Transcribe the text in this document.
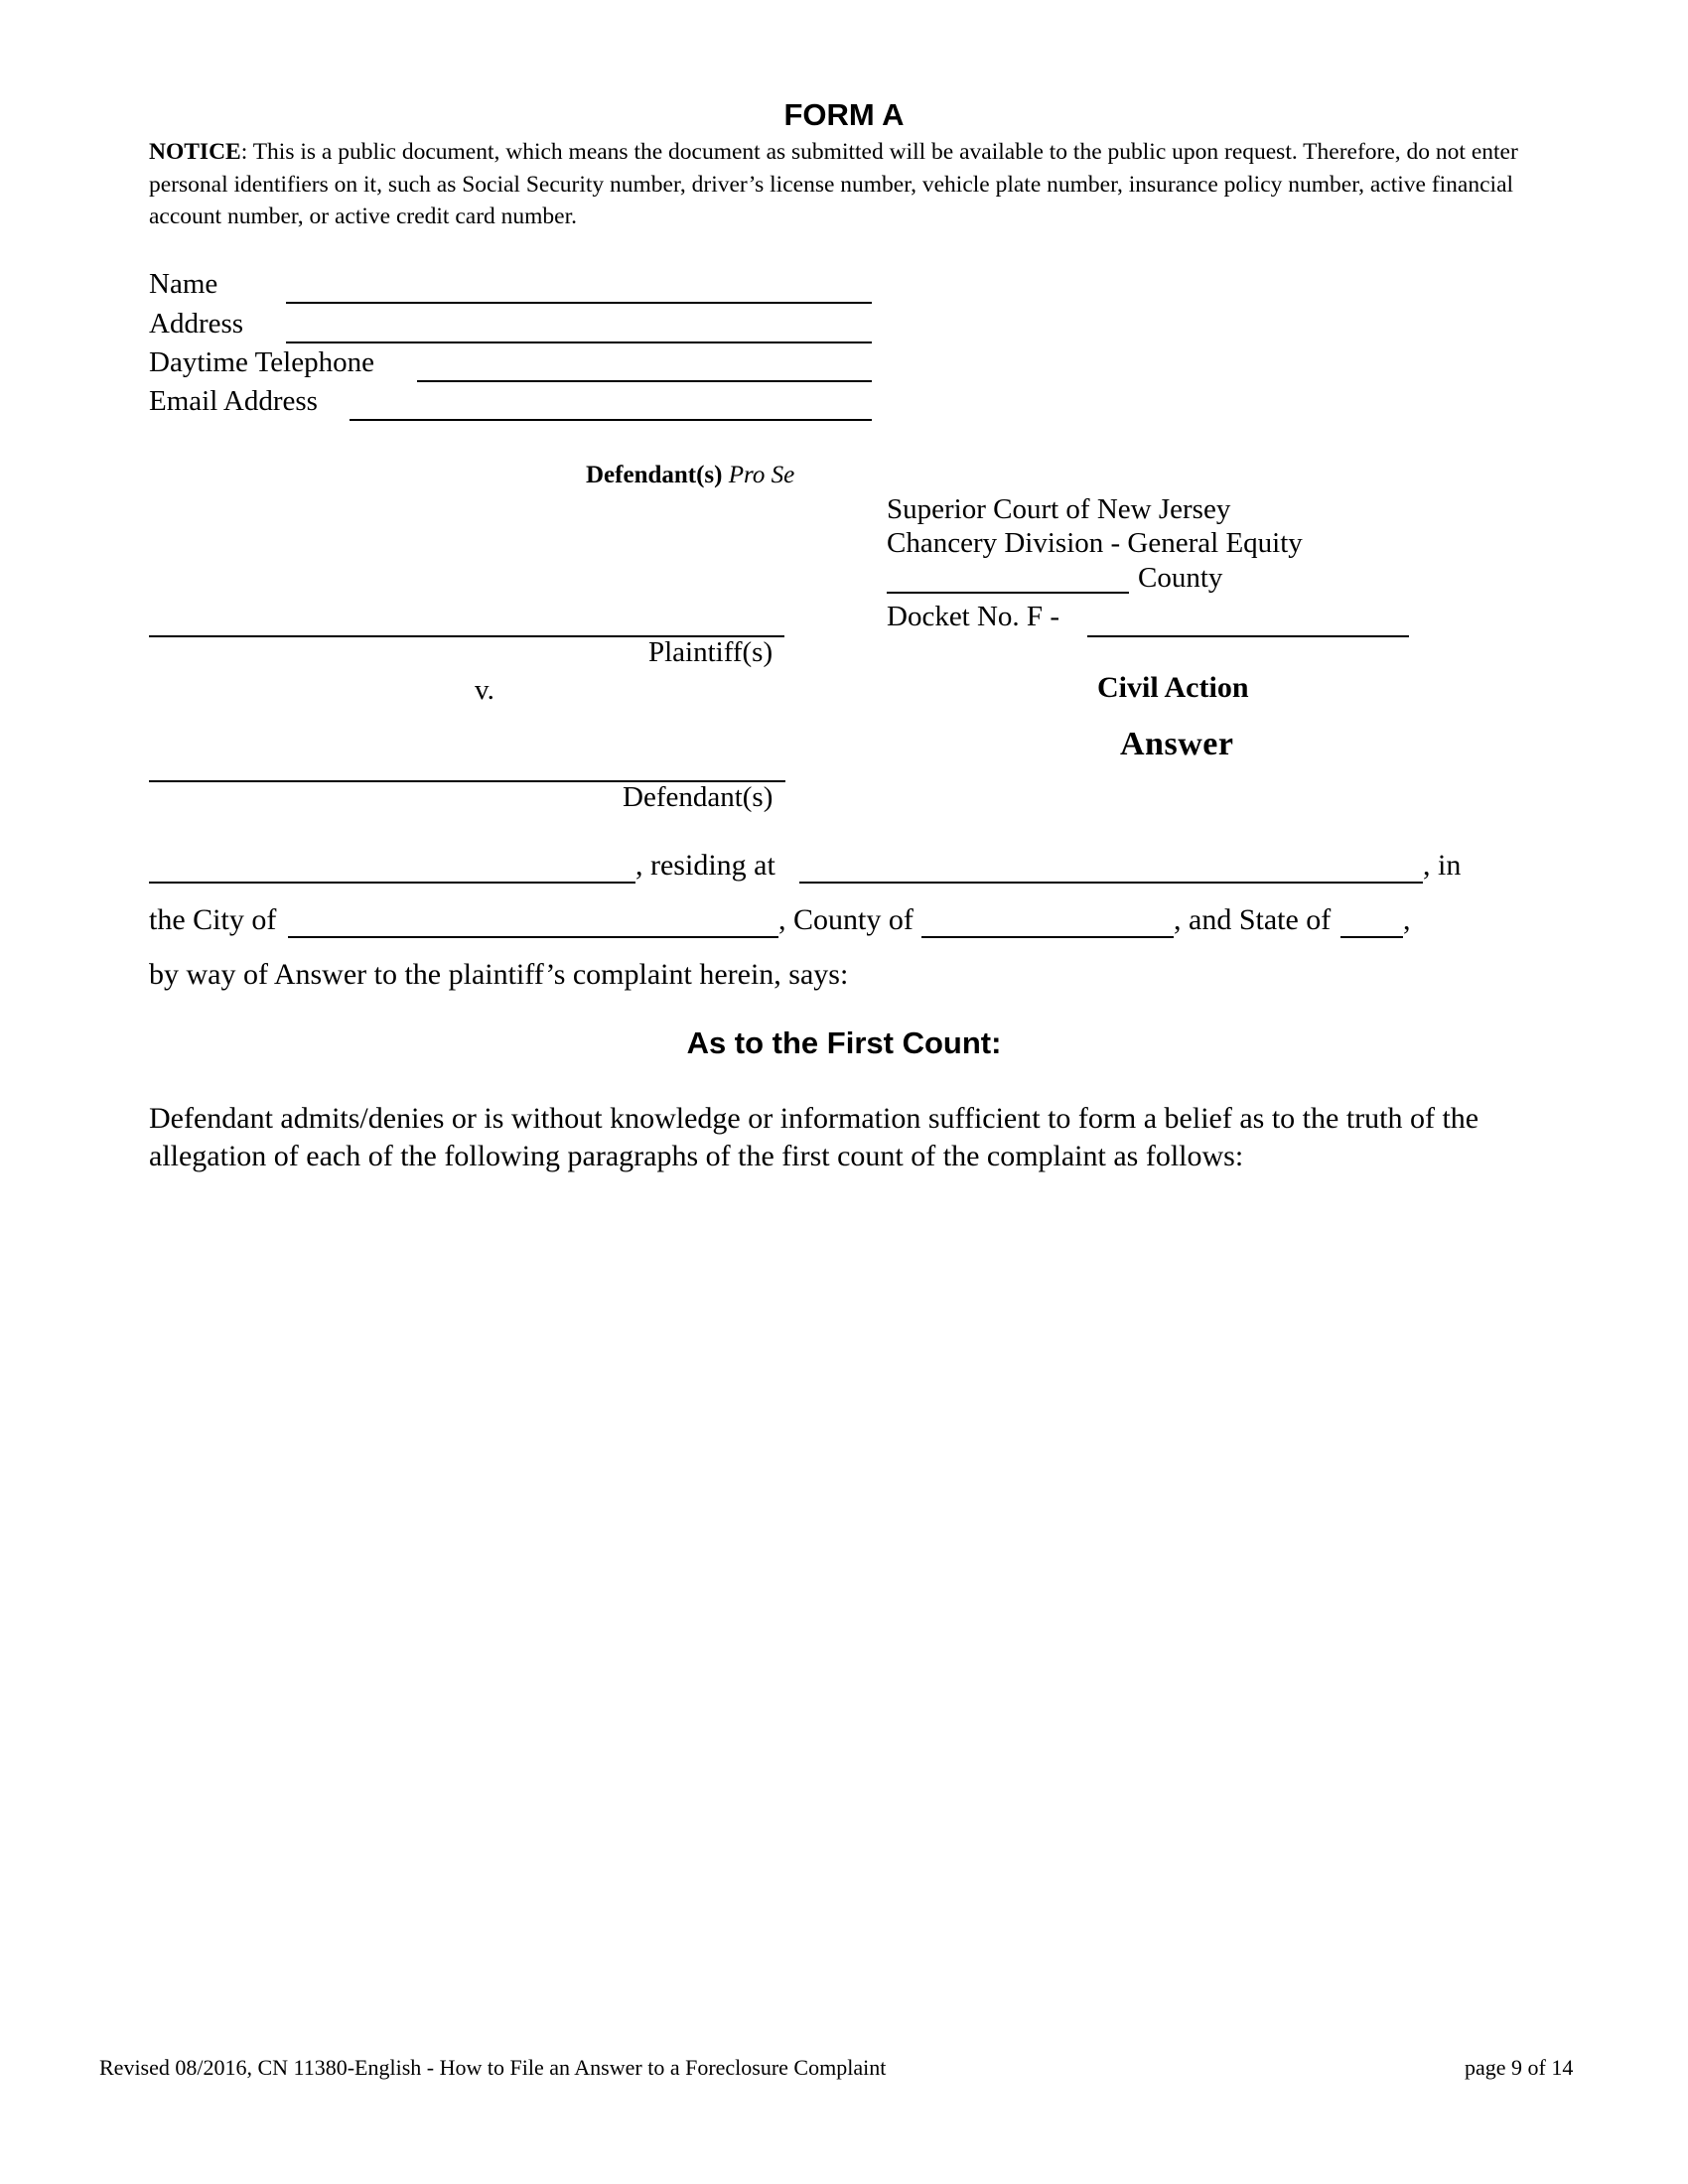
FORM A
NOTICE: This is a public document, which means the document as submitted will be available to the public upon request. Therefore, do not enter personal identifiers on it, such as Social Security number, driver’s license number, vehicle plate number, insurance policy number, active financial account number, or active credit card number.
Name
Address
Daytime Telephone
Email Address
Defendant(s) Pro Se
Superior Court of New Jersey
Chancery Division - General Equity
County
Docket No. F -
Plaintiff(s)
v.	Civil Action
Answer
Defendant(s)
, residing at	, in
the City of	, County of	, and State of ,
by way of Answer to the plaintiff’s complaint herein, says:
As to the First Count:
Defendant admits/denies or is without knowledge or information sufficient to form a belief as to the truth of the allegation of each of the following paragraphs of the first count of the complaint as follows:
Revised 08/2016, CN 11380-English - How to File an Answer to a Foreclosure Complaint	page 9 of 14
